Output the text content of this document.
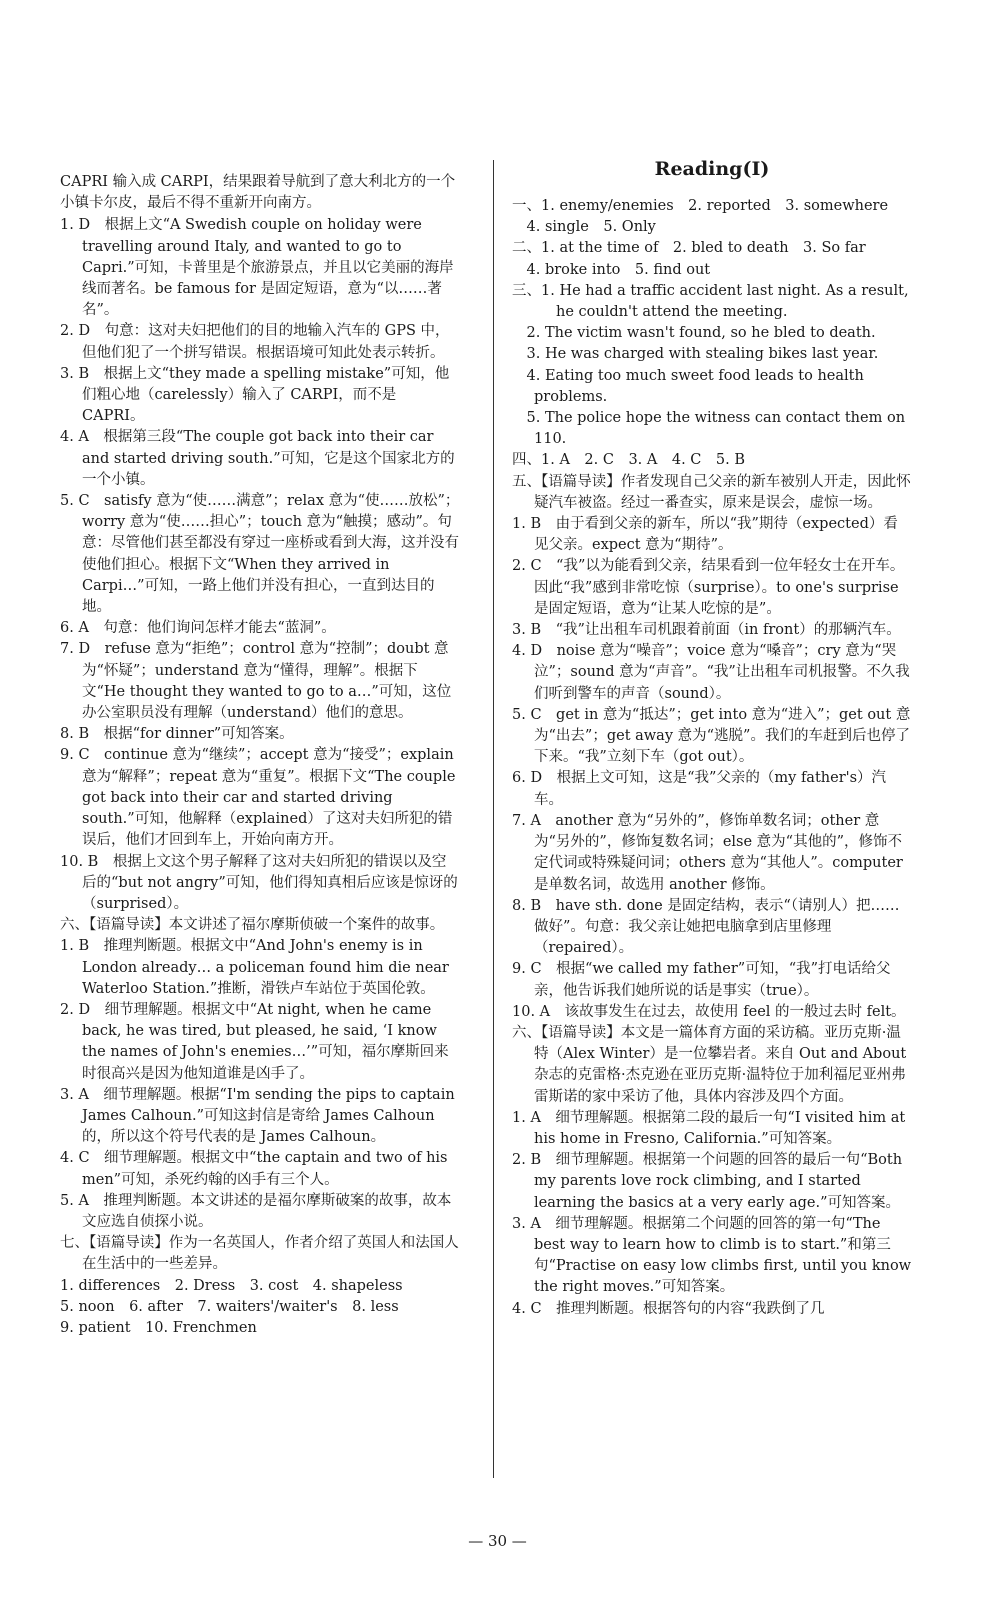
Reading(Ⅰ)
CAPRI 输入成 CARPI，结果跟着导航到了意大利北方的一个小镇卡尔皮，最后不得不重新开向南方。
1. D　根据上文“A Swedish couple on holiday were travelling around Italy, and wanted to go to Capri.”可知，卡普里是个旅游景点，并且以它美丽的海岸线而著名。be famous for 是固定短语，意为“以……著名”。
2. D　句意：这对夫妇把他们的目的地输入汽车的 GPS 中，但他们犯了一个拼写错误。根据语境可知此处表示转折。
3. B　根据上文“they made a spelling mistake”可知，他们粗心地（carelessly）输入了 CARPI，而不是 CAPRI。
4. A　根据第三段“The couple got back into their car and started driving south.”可知，它是这个国家北方的一个小镇。
5. C　satisfy 意为“使……满意”；relax 意为“使……放松”；worry 意为“使……担心”；touch 意为“触摸；感动”。句意：尽管他们甚至都没有穿过一座桥或看到大海，这并没有使他们担心。根据下文“When they arrived in Carpi…”可知，一路上他们并没有担心，一直到达目的地。
6. A　句意：他们询问怎样才能去“蓝洞”。
7. D　refuse 意为“拒绝”；control 意为“控制”；doubt 意为“怀疑”；understand 意为“懂得，理解”。根据下文“He thought they wanted to go to a…”可知，这位办公室职员没有理解（understand）他们的意思。
8. B　根据“for dinner”可知答案。
9. C　continue 意为“继续”；accept 意为“接受”；explain 意为“解释”；repeat 意为“重复”。根据下文“The couple got back into their car and started driving south.”可知，他解释（explained）了这对夫妇所犯的错误后，他们才回到车上，开始向南方开。
10. B　根据上文这个男子解释了这对夫妇所犯的错误以及空后的“but not angry”可知，他们得知真相后应该是惊讶的（surprised）。
六、【语篇导读】本文讲述了福尔摩斯侦破一个案件的故事。
1. B　推理判断题。根据文中“And John's enemy is in London already… a policeman found him die near Waterloo Station.”推断，滑铁卢车站位于英国伦敦。
2. D　细节理解题。根据文中“At night, when he came back, he was tired, but pleased, he said, ‘I know the names of John's enemies…’”可知，福尔摩斯回来时很高兴是因为他知道谁是凶手了。
3. A　细节理解题。根据“I'm sending the pips to captain James Calhoun.”可知这封信是寄给 James Calhoun 的，所以这个符号代表的是 James Calhoun。
4. C　细节理解题。根据文中“the captain and two of his men”可知，杀死约翰的凶手有三个人。
5. A　推理判断题。本文讲述的是福尔摩斯破案的故事，故本文应选自侦探小说。
七、【语篇导读】作为一名英国人，作者介绍了英国人和法国人在生活中的一些差异。
1. differences　2. Dress　3. cost　4. shapeless
5. noon　6. after　7. waiters'/waiter's　8. less
9. patient　10. Frenchmen
一、1. enemy/enemies　2. reported　3. somewhere
　4. single　5. Only
二、1. at the time of　2. bled to death　3. So far
　4. broke into　5. find out
三、1. He had a traffic accident last night. As a result, he couldn't attend the meeting.
　2. The victim wasn't found, so he bled to death.
　3. He was charged with stealing bikes last year.
　4. Eating too much sweet food leads to health problems.
　5. The police hope the witness can contact them on 110.
四、1. A　2. C　3. A　4. C　5. B
五、【语篇导读】作者发现自己父亲的新车被别人开走，因此怀疑汽车被盗。经过一番查实，原来是误会，虚惊一场。
1. B　由于看到父亲的新车，所以“我”期待（expected）看见父亲。expect 意为“期待”。
2. C　“我”以为能看到父亲，结果看到一位年轻女士在开车。因此“我”感到非常吃惊（surprise）。to one's surprise 是固定短语，意为“让某人吃惊的是”。
3. B　“我”让出租车司机跟着前面（in front）的那辆汽车。
4. D　noise 意为“噪音”；voice 意为“嗓音”；cry 意为“哭泣”；sound 意为“声音”。“我”让出租车司机报警。不久我们听到警车的声音（sound）。
5. C　get in 意为“抵达”；get into 意为“进入”；get out 意为“出去”；get away 意为“逃脱”。我们的车赶到后也停了下来。“我”立刻下车（got out）。
6. D　根据上文可知，这是“我”父亲的（my father's）汽车。
7. A　another 意为“另外的”，修饰单数名词；other 意为“另外的”，修饰复数名词；else 意为“其他的”，修饰不定代词或特殊疑问词；others 意为“其他人”。computer 是单数名词，故选用 another 修饰。
8. B　have sth. done 是固定结构，表示“（请别人）把……做好”。句意：我父亲让她把电脑拿到店里修理（repaired）。
9. C　根据“we called my father”可知，“我”打电话给父亲，他告诉我们她所说的话是事实（true）。
10. A　该故事发生在过去，故使用 feel 的一般过去时 felt。
六、【语篇导读】本文是一篇体育方面的采访稿。亚历克斯·温特（Alex Winter）是一位攀岩者。来自 Out and About 杂志的克雷格·杰克逊在亚历克斯·温特位于加利福尼亚州弗雷斯诺的家中采访了他，具体内容涉及四个方面。
1. A　细节理解题。根据第二段的最后一句“I visited him at his home in Fresno, California.”可知答案。
2. B　细节理解题。根据第一个问题的回答的最后一句“Both my parents love rock climbing, and I started learning the basics at a very early age.”可知答案。
3. A　细节理解题。根据第二个问题的回答的第一句“The best way to learn how to climb is to start.”和第三句“Practise on easy low climbs first, until you know the right moves.”可知答案。
4. C　推理判断题。根据答句的内容“我跌倒了几
— 30 —
